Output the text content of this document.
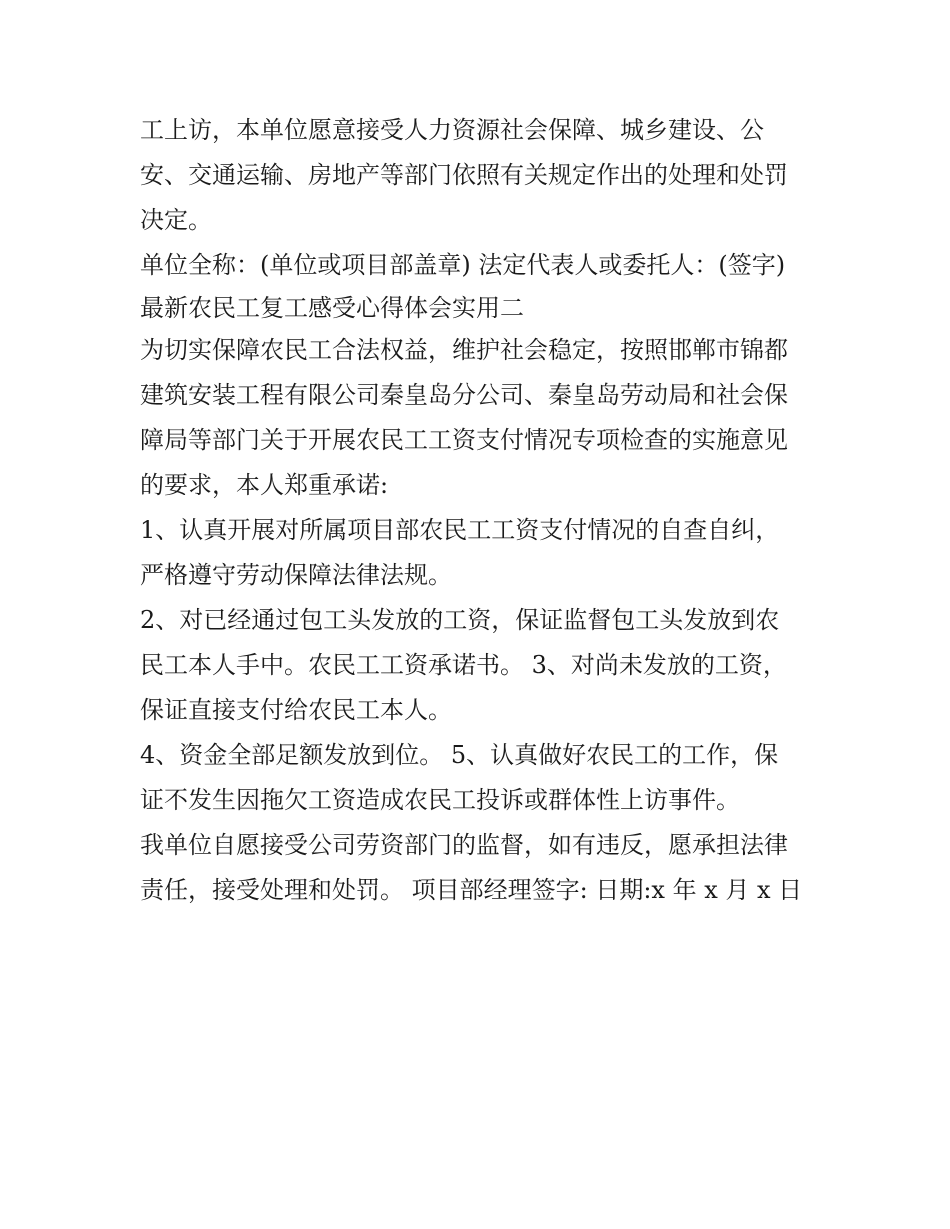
工上访，本单位愿意接受人力资源社会保障、城乡建设、公
安、交通运输、房地产等部门依照有关规定作出的处理和处罚
决定。
单位全称：(单位或项目部盖章) 法定代表人或委托人：(签字)
最新农民工复工感受心得体会实用二
为切实保障农民工合法权益，维护社会稳定，按照邯郸市锦都
建筑安装工程有限公司秦皇岛分公司、秦皇岛劳动局和社会保
障局等部门关于开展农民工工资支付情况专项检查的实施意见
的要求，本人郑重承诺:
1、认真开展对所属项目部农民工工资支付情况的自查自纠，
严格遵守劳动保障法律法规。
2、对已经通过包工头发放的工资，保证监督包工头发放到农
民工本人手中。农民工工资承诺书。 3、对尚未发放的工资，
保证直接支付给农民工本人。
4、资金全部足额发放到位。 5、认真做好农民工的工作，保
证不发生因拖欠工资造成农民工投诉或群体性上访事件。
我单位自愿接受公司劳资部门的监督，如有违反，愿承担法律
责任，接受处理和处罚。 项目部经理签字: 日期:x 年 x 月 x 日
